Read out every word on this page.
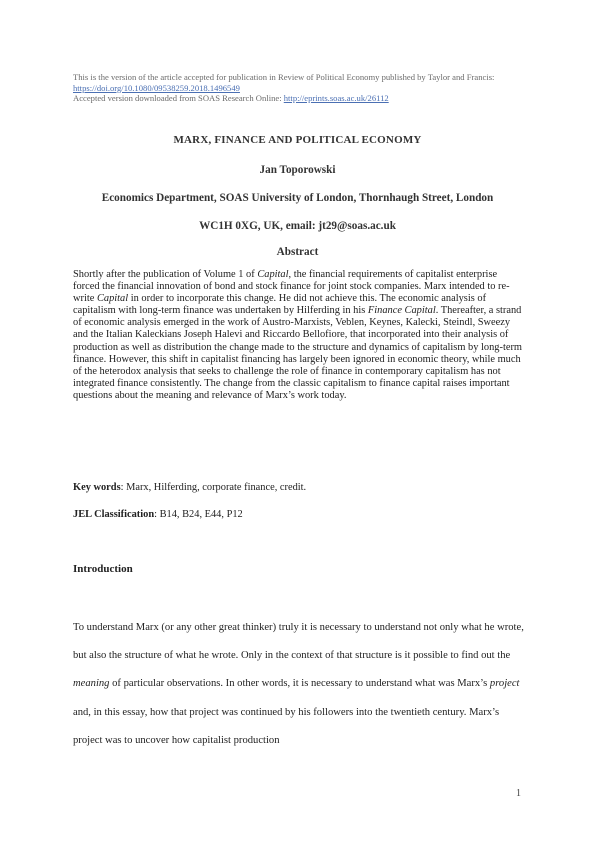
This is the version of the article accepted for publication in Review of Political Economy published by Taylor and Francis: https://doi.org/10.1080/09538259.2018.1496549
Accepted version downloaded from SOAS Research Online: http://eprints.soas.ac.uk/26112
MARX, FINANCE AND POLITICAL ECONOMY
Jan Toporowski
Economics Department, SOAS University of London, Thornhaugh Street, London
WC1H 0XG, UK, email: jt29@soas.ac.uk
Abstract
Shortly after the publication of Volume 1 of Capital, the financial requirements of capitalist enterprise forced the financial innovation of bond and stock finance for joint stock companies. Marx intended to re-write Capital in order to incorporate this change. He did not achieve this. The economic analysis of capitalism with long-term finance was undertaken by Hilferding in his Finance Capital. Thereafter, a strand of economic analysis emerged in the work of Austro-Marxists, Veblen, Keynes, Kalecki, Steindl, Sweezy and the Italian Kaleckians Joseph Halevi and Riccardo Bellofiore, that incorporated into their analysis of production as well as distribution the change made to the structure and dynamics of capitalism by long-term finance. However, this shift in capitalist financing has largely been ignored in economic theory, while much of the heterodox analysis that seeks to challenge the role of finance in contemporary capitalism has not integrated finance consistently. The change from the classic capitalism to finance capital raises important questions about the meaning and relevance of Marx’s work today.
Key words: Marx, Hilferding, corporate finance, credit.
JEL Classification: B14, B24, E44, P12
Introduction
To understand Marx (or any other great thinker) truly it is necessary to understand not only what he wrote, but also the structure of what he wrote. Only in the context of that structure is it possible to find out the meaning of particular observations. In other words, it is necessary to understand what was Marx’s project and, in this essay, how that project was continued by his followers into the twentieth century. Marx’s project was to uncover how capitalist production
1
